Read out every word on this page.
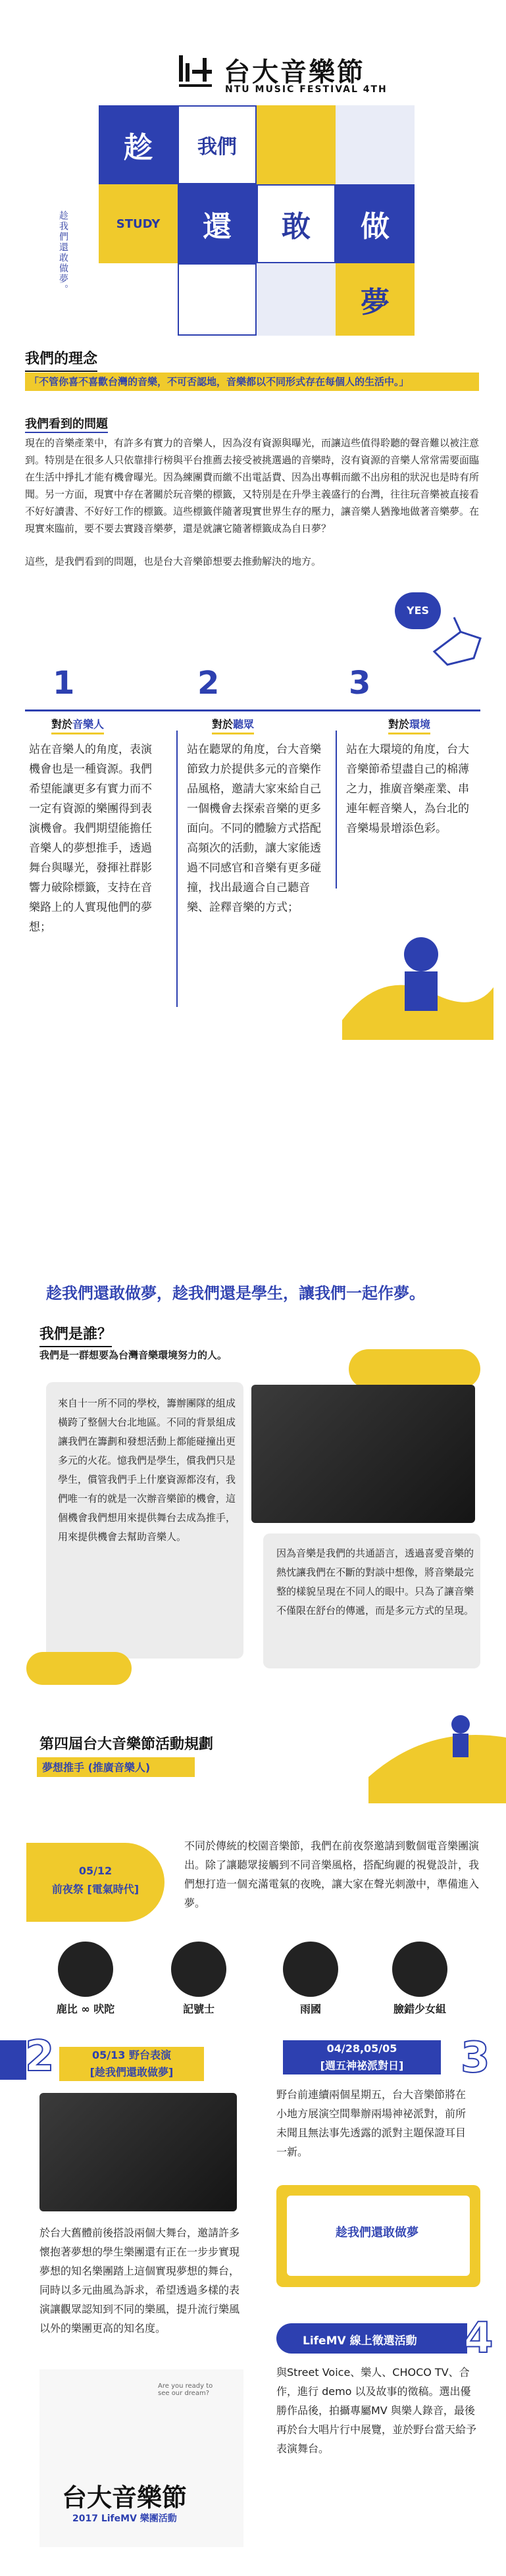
台大音樂節
NTU MUSIC FESTIVAL 4TH
趁我們還敢做夢。
趁	我們
STUDY	還	敢	做
夢
我們的理念
「不管你喜不喜歡台灣的音樂，不可否認地，音樂都以不同形式存在每個人的生活中。」
我們看到的問題
現在的音樂產業中，有許多有實力的音樂人，因為沒有資源與曝光，而讓這些值得聆聽的聲音難以被注意到。特別是在很多人只依靠排行榜與平台推薦去接受被挑選過的音樂時，沒有資源的音樂人常常需要面臨在生活中掙扎才能有機會曝光。因為練團費而繳不出電話費、因為出專輯而繳不出房租的狀況也是時有所聞。另一方面，現實中存在著關於玩音樂的標籤，又特別是在升學主義盛行的台灣，往往玩音樂被直接看不好好讀書、不好好工作的標籤。這些標籤伴隨著現實世界生存的壓力，讓音樂人猶豫地做著音樂夢。在現實來臨前，要不要去實踐音樂夢，還是就讓它隨著標籤成為自日夢？
這些，是我們看到的問題，也是台大音樂節想要去推動解決的地方。
YES
1	2	3
對於音樂人	對於聽眾	對於環境
站在音樂人的角度，表演機會也是一種資源。我們希望能讓更多有實力而不一定有資源的樂團得到表演機會。我們期望能擔任音樂人的夢想推手，透過舞台與曝光，發揮社群影響力破除標籤，支持在音樂路上的人實現他們的夢想；
站在聽眾的角度，台大音樂節致力於提供多元的音樂作品風格，邀請大家來給自己一個機會去探索音樂的更多面向。不同的體驗方式搭配高頻次的活動，讓大家能透過不同感官和音樂有更多碰撞，找出最適合自己聽音樂、詮釋音樂的方式；
站在大環境的角度，台大音樂節希望盡自己的棉薄之力，推廣音樂產業、串連年輕音樂人，為台北的音樂場景增添色彩。
趁我們還敢做夢，趁我們還是學生，讓我們一起作夢。
我們是誰？
我們是一群想要為台灣音樂環境努力的人。
來自十一所不同的學校，籌辦團隊的組成橫跨了整個大台北地區。不同的背景組成讓我們在籌劃和發想活動上都能碰撞出更多元的火花。憶我們是學生，償我們只是學生，償管我們手上什麼資源都沒有，我們唯一有的就是一次辦音樂節的機會，這個機會我們想用來提供舞台去成為推手，用來提供機會去幫助音樂人。
因為音樂是我們的共通語言，透過喜愛音樂的熱忱讓我們在不斷的對談中想像，將音樂最完整的樣貌呈現在不同人的眼中。只為了讓音樂不僅限在舒台的傳遞，而是多元方式的呈現。
第四屆台大音樂節活動規劃
夢想推手 (推廣音樂人)
05/12
前夜祭 [電氣時代]
不同於傳統的校園音樂節，我們在前夜祭邀請到數個電音樂團演出。除了讓聽眾接觸到不同音樂風格，搭配絢麗的視覺設計，我們想打造一個充滿電氣的夜晚，讓大家在聲光刺激中，準備進入夢。
鹿比 ∞ 吠陀	記號士	雨國	臉錯少女組
2	05/13 野台表演
[趁我們還敢做夢]
於台大舊體前後搭設兩個大舞台，邀請許多懷抱著夢想的學生樂團還有正在一步步實現夢想的知名樂團踏上這個實現夢想的舞台，同時以多元曲風為訴求，希望透過多樣的表演讓觀眾認知到不同的樂風，提升流行樂風以外的樂團更高的知名度。
04/28,05/05
[週五神祕派對日]	3
野台前連續兩個星期五，台大音樂節將在小地方展演空間舉辦兩場神祕派對，前所未聞且無法事先透露的派對主題保證耳目一新。
趁我們還敢做夢
LifeMV 線上徵選活動 4
與Street Voice、樂人、CHOCO TV、合作，進行 demo 以及故事的徵稿。選出優勝作品後，拍攝專屬MV 與樂人錄音，最後再於台大唱片行中展覽，並於野台當天給予表演舞台。
Are you ready to
see our dream?
台大音樂節
2017 LifeMV 樂團活動
